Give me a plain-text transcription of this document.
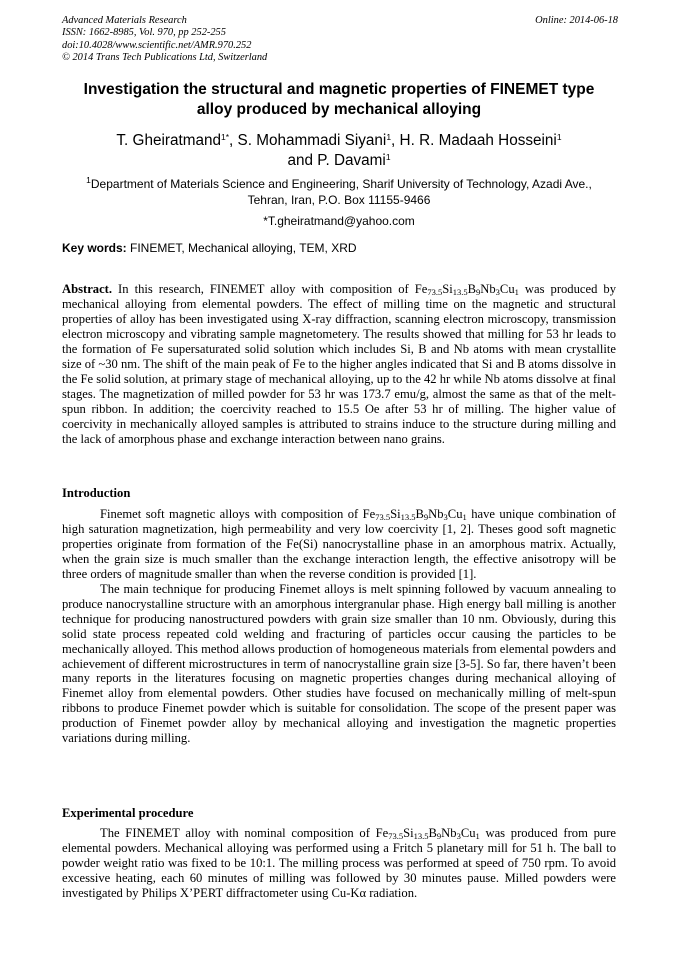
Advanced Materials Research
ISSN: 1662-8985, Vol. 970, pp 252-255
doi:10.4028/www.scientific.net/AMR.970.252
© 2014 Trans Tech Publications Ltd, Switzerland
Online: 2014-06-18
Investigation the structural and magnetic properties of FINEMET type
alloy produced by mechanical alloying
T. Gheiratmand$^{1*}$, S. Mohammadi Siyani$^1$, H. R. Madaah Hosseini$^1$
and P. Davami$^1$
$^1$Department of Materials Science and Engineering, Sharif University of Technology, Azadi Ave.,
Tehran, Iran, P.O. Box 11155-9466
*T.gheiratmand@yahoo.com
Key words: FINEMET, Mechanical alloying, TEM, XRD

Abstract. In this research, FINEMET alloy with composition of $Fe_{73.5}Si_{13.5}B_9Nb_3Cu_1$ was produced by mechanical alloying from elemental powders. The effect of milling time on the magnetic and structural properties of alloy has been investigated using X-ray diffraction, scanning electron microscopy, transmission electron microscopy and vibrating sample magnetometery. The results showed that milling for 53 hr leads to the formation of Fe supersaturated solid solution which includes Si, B and Nb atoms with mean crystallite size of ~30 nm. The shift of the main peak of Fe to the higher angles indicated that Si and B atoms dissolve in the Fe solid solution, at primary stage of mechanical alloying, up to the 42 hr while Nb atoms dissolve at final stages. The magnetization of milled powder for 53 hr was 173.7 emu/g, almost the same as that of the melt-spun ribbon. In addition; the coercivity reached to 15.5 Oe after 53 hr of milling. The higher value of coercivity in mechanically alloyed samples is attributed to strains induce to the structure during milling and the lack of amorphous phase and exchange interaction between nano grains.

Introduction

Finemet soft magnetic alloys with composition of $Fe_{73.5}Si_{13.5}B_9Nb_3Cu_1$ have unique combination of high saturation magnetization, high permeability and very low coercivity [1, 2]. Theses good soft magnetic properties originate from formation of the Fe(Si) nanocrystalline phase in an amorphous matrix. Actually, when the grain size is much smaller than the exchange interaction length, the effective anisotropy will be three orders of magnitude smaller than when the reverse condition is provided [1].

The main technique for producing Finemet alloys is melt spinning followed by vacuum annealing to produce nanocrystalline structure with an amorphous intergranular phase. High energy ball milling is another technique for producing nanostructured powders with grain size smaller than 10 nm. Obviously, during this solid state process repeated cold welding and fracturing of particles occur causing the particles to be mechanically alloyed. This method allows production of homogeneous materials from elemental powders and achievement of different microstructures in term of nanocrystalline grain size [3-5]. So far, there haven’t been many reports in the literatures focusing on magnetic properties changes during mechanical alloying of Finemet alloy from elemental powders. Other studies have focused on mechanically milling of melt-spun ribbons to produce Finemet powder which is suitable for consolidation. The scope of the present paper was production of Finemet powder alloy by mechanical alloying and investigation the magnetic properties variations during milling.

Experimental procedure

The FINEMET alloy with nominal composition of $Fe_{73.5}Si_{13.5}B_9Nb_3Cu_1$ was produced from pure elemental powders. Mechanical alloying was performed using a Fritch 5 planetary mill for 51 h. The ball to powder weight ratio was fixed to be 10:1. The milling process was performed at speed of 750 rpm. To avoid excessive heating, each 60 minutes of milling was followed by 30 minutes pause. Milled powders were investigated by Philips X’PERT diffractometer using Cu-Kα radiation.
